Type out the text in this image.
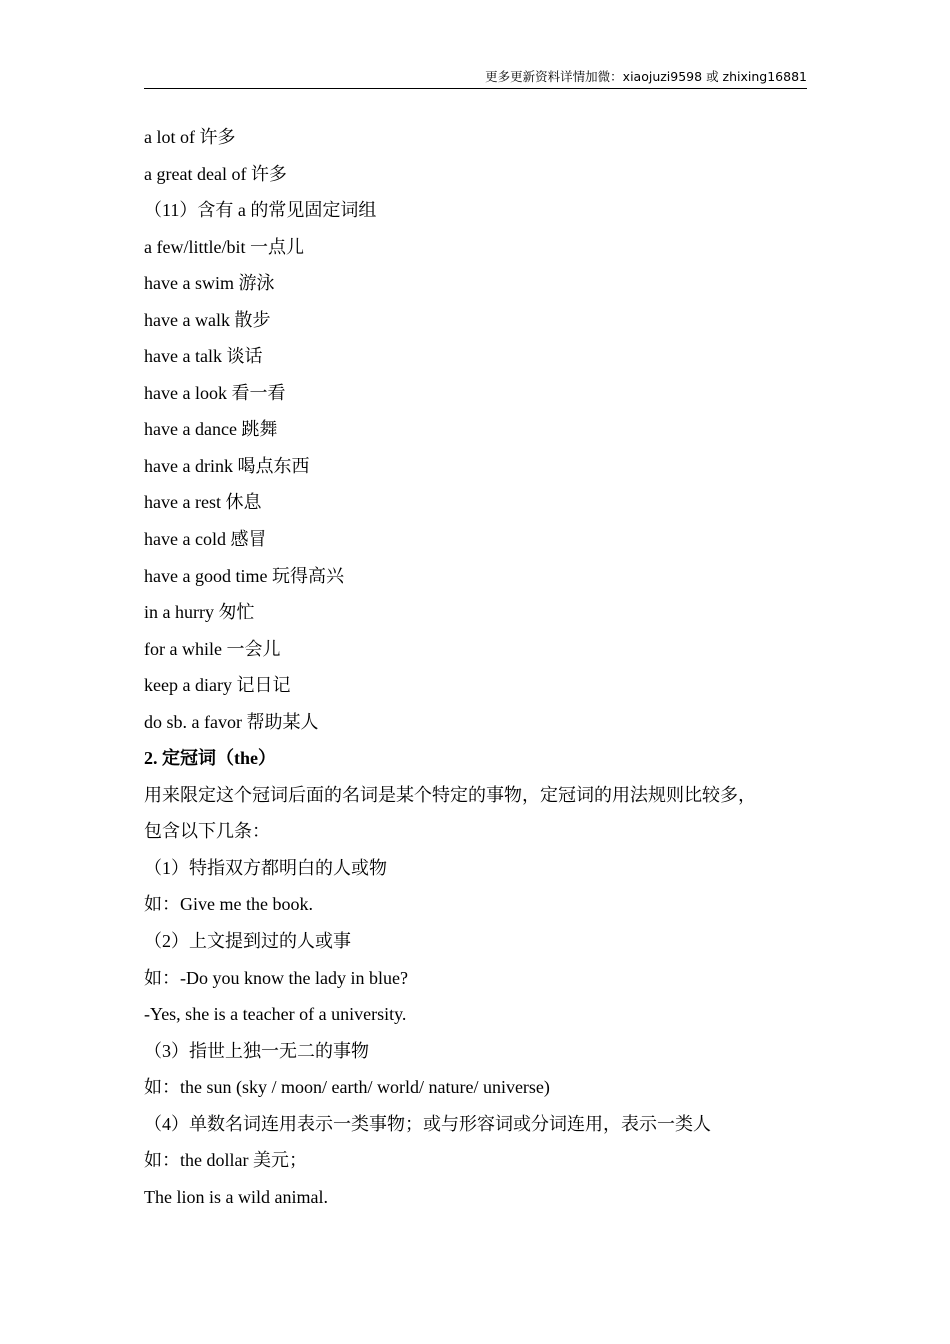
更多更新资料详情加微：xiaojuzi9598 或 zhixing16881
a lot of 许多
a great deal of 许多
（11）含有 a 的常见固定词组
a few/little/bit 一点儿
have a swim 游泳
have a walk 散步
have a talk 谈话
have a look 看一看
have a dance 跳舞
have a drink 喝点东西
have a rest 休息
have a cold 感冒
have a good time 玩得高兴
in a hurry 匆忙
for a while 一会儿
keep a diary 记日记
do sb. a favor 帮助某人
2. 定冠词（the）
用来限定这个冠词后面的名词是某个特定的事物，定冠词的用法规则比较多，
包含以下几条：
（1）特指双方都明白的人或物
如：Give me the book.
（2）上文提到过的人或事
如：-Do you know the lady in blue?
-Yes, she is a teacher of a university.
（3）指世上独一无二的事物
如：the sun (sky / moon/ earth/ world/ nature/ universe)
（4）单数名词连用表示一类事物；或与形容词或分词连用，表示一类人
如：the dollar 美元；
The lion is a wild animal.
